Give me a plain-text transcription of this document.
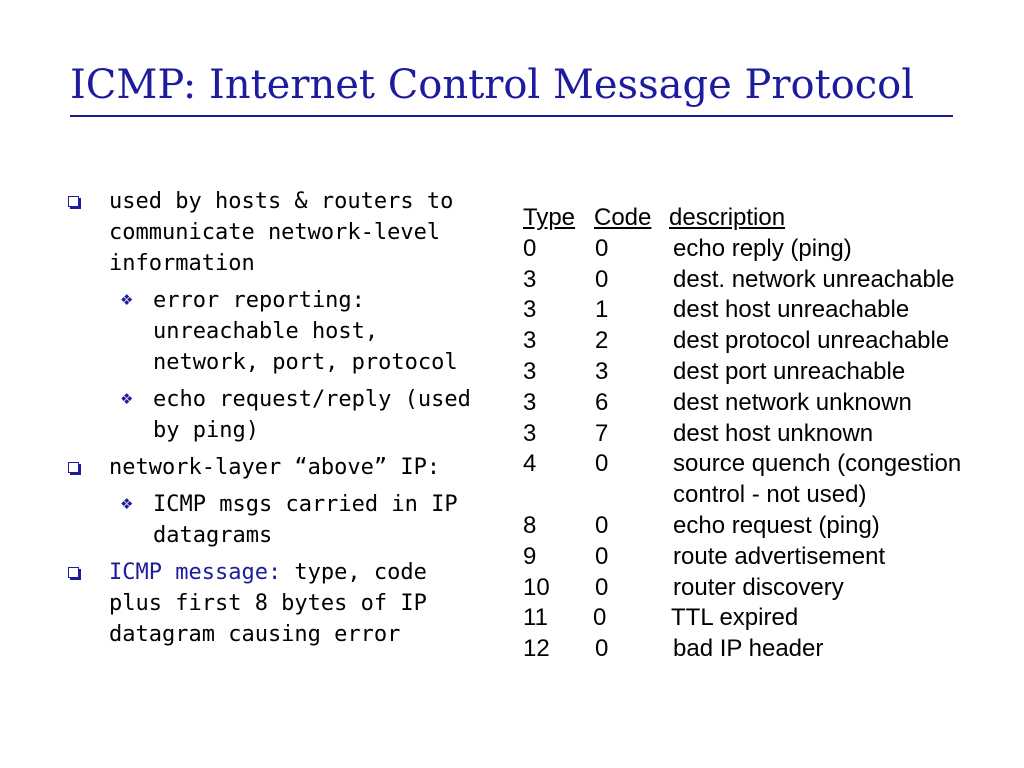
ICMP: Internet Control Message Protocol
used by hosts & routers to communicate network-level information
❖ error reporting: unreachable host, network, port, protocol
❖ echo request/reply (used by ping)
network-layer “above” IP:
❖ ICMP msgs carried in IP datagrams
ICMP message: type, code plus first 8 bytes of IP datagram causing error
Type Code description
0 0	echo reply (ping)
3 0	dest. network unreachable
3 1	dest host unreachable
3 2	dest protocol unreachable
3 3	dest port unreachable
3 6	dest network unknown
3 7	dest host unknown
4 0	source quench (congestion
control - not used)
8 0	echo request (ping)
9 0	route advertisement
10 0	router discovery
11 0	TTL expired
12 0	bad IP header
